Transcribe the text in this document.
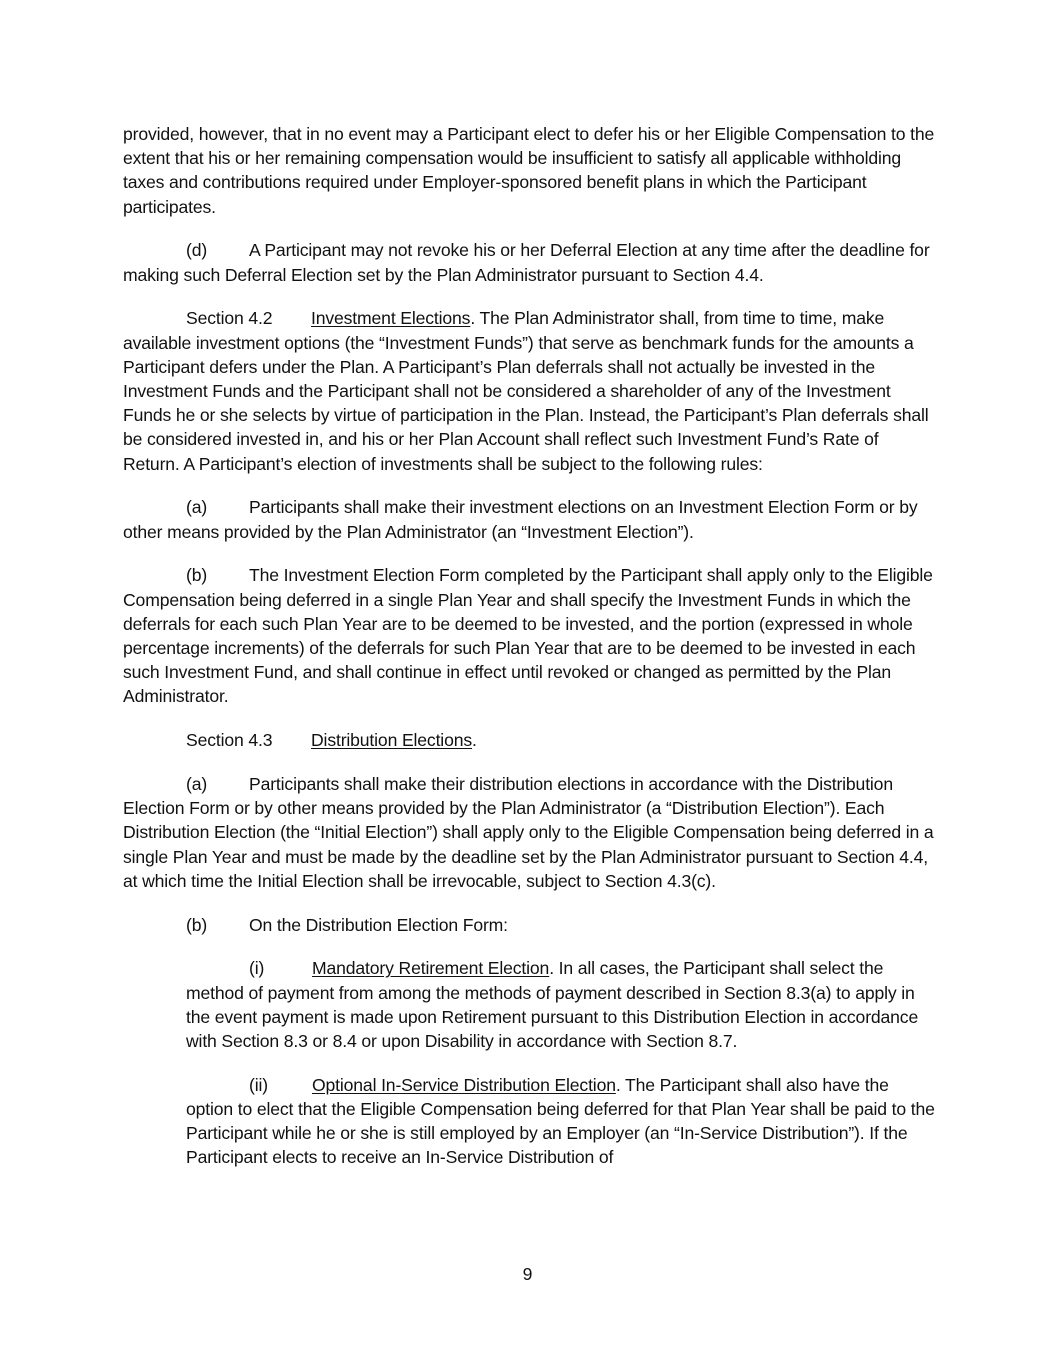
provided, however, that in no event may a Participant elect to defer his or her Eligible Compensation to the extent that his or her remaining compensation would be insufficient to satisfy all applicable withholding taxes and contributions required under Employer-sponsored benefit plans in which the Participant participates.

(d) A Participant may not revoke his or her Deferral Election at any time after the deadline for making such Deferral Election set by the Plan Administrator pursuant to Section 4.4.

Section 4.2 Investment Elections. The Plan Administrator shall, from time to time, make available investment options (the “Investment Funds”) that serve as benchmark funds for the amounts a Participant defers under the Plan. A Participant’s Plan deferrals shall not actually be invested in the Investment Funds and the Participant shall not be considered a shareholder of any of the Investment Funds he or she selects by virtue of participation in the Plan. Instead, the Participant’s Plan deferrals shall be considered invested in, and his or her Plan Account shall reflect such Investment Fund’s Rate of Return. A Participant’s election of investments shall be subject to the following rules:

(a) Participants shall make their investment elections on an Investment Election Form or by other means provided by the Plan Administrator (an “Investment Election”).

(b) The Investment Election Form completed by the Participant shall apply only to the Eligible Compensation being deferred in a single Plan Year and shall specify the Investment Funds in which the deferrals for each such Plan Year are to be deemed to be invested, and the portion (expressed in whole percentage increments) of the deferrals for such Plan Year that are to be deemed to be invested in each such Investment Fund, and shall continue in effect until revoked or changed as permitted by the Plan Administrator.

Section 4.3 Distribution Elections.

(a) Participants shall make their distribution elections in accordance with the Distribution Election Form or by other means provided by the Plan Administrator (a “Distribution Election”). Each Distribution Election (the “Initial Election”) shall apply only to the Eligible Compensation being deferred in a single Plan Year and must be made by the deadline set by the Plan Administrator pursuant to Section 4.4, at which time the Initial Election shall be irrevocable, subject to Section 4.3(c).

(b) On the Distribution Election Form:

(i)	Mandatory Retirement Election. In all cases, the Participant shall select the method of payment from among the methods of payment described in Section 8.3(a) to apply in the event payment is made upon Retirement pursuant to this Distribution Election in accordance with Section 8.3 or 8.4 or upon Disability in accordance with Section 8.7.

(ii)	Optional In-Service Distribution Election. The Participant shall also have the option to elect that the Eligible Compensation being deferred for that Plan Year shall be paid to the Participant while he or she is still employed by an Employer (an “In-Service Distribution”). If the Participant elects to receive an In-Service Distribution of

9
